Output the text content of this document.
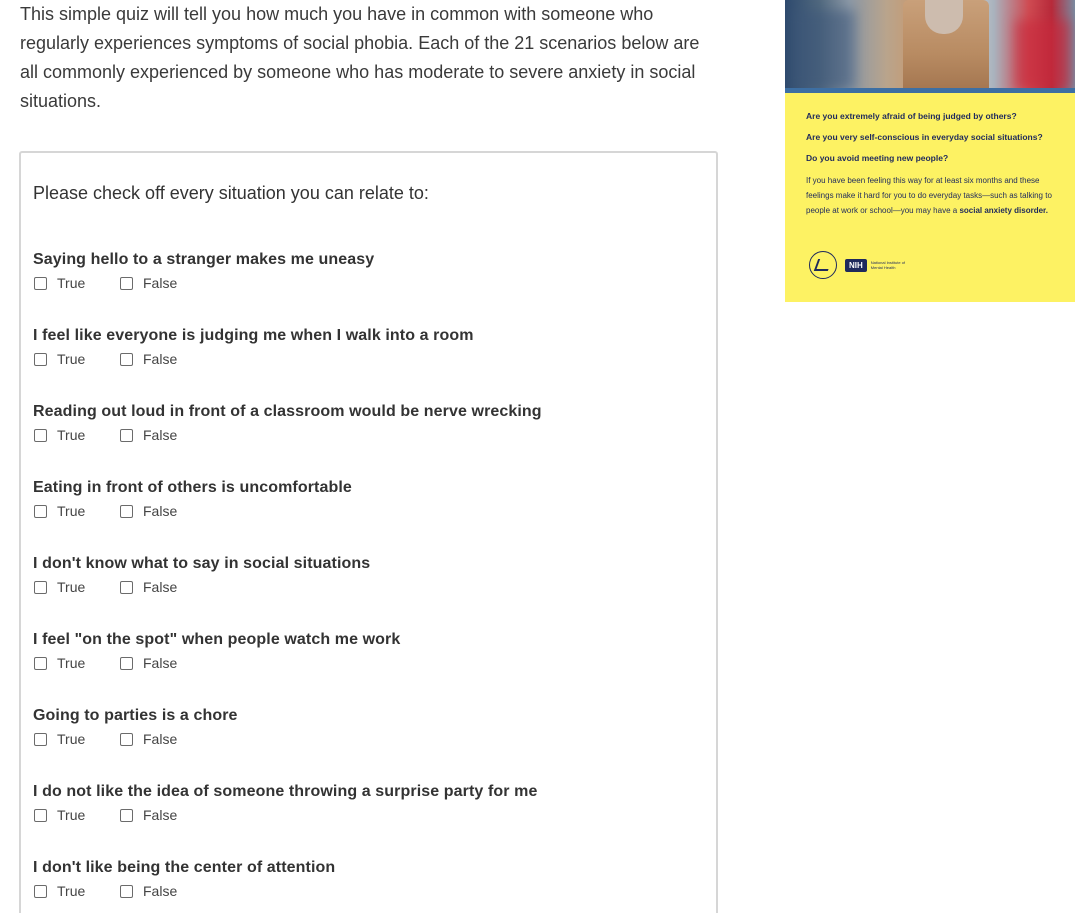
This simple quiz will tell you how much you have in common with someone who regularly experiences symptoms of social phobia. Each of the 21 scenarios below are all commonly experienced by someone who has moderate to severe anxiety in social situations.

Please check off every situation you can relate to:
Saying hello to a stranger makes me uneasy
True	False
I feel like everyone is judging me when I walk into a room
True	False
Reading out loud in front of a classroom would be nerve wrecking
True	False
Eating in front of others is uncomfortable
True	False
I don't know what to say in social situations
True	False
I feel "on the spot" when people watch me work
True	False
Going to parties is a chore
True	False
I do not like the idea of someone throwing a surprise party for me
True	False
I don't like being the center of attention
True	False
Are you extremely afraid of being judged by others?
Are you very self-conscious in everyday social situations?
Do you avoid meeting new people?
If you have been feeling this way for at least six months and these feelings make it hard for you to do everyday tasks—such as talking to people at work or school—you may have a social anxiety disorder.
NIH	National Institute of Mental Health
